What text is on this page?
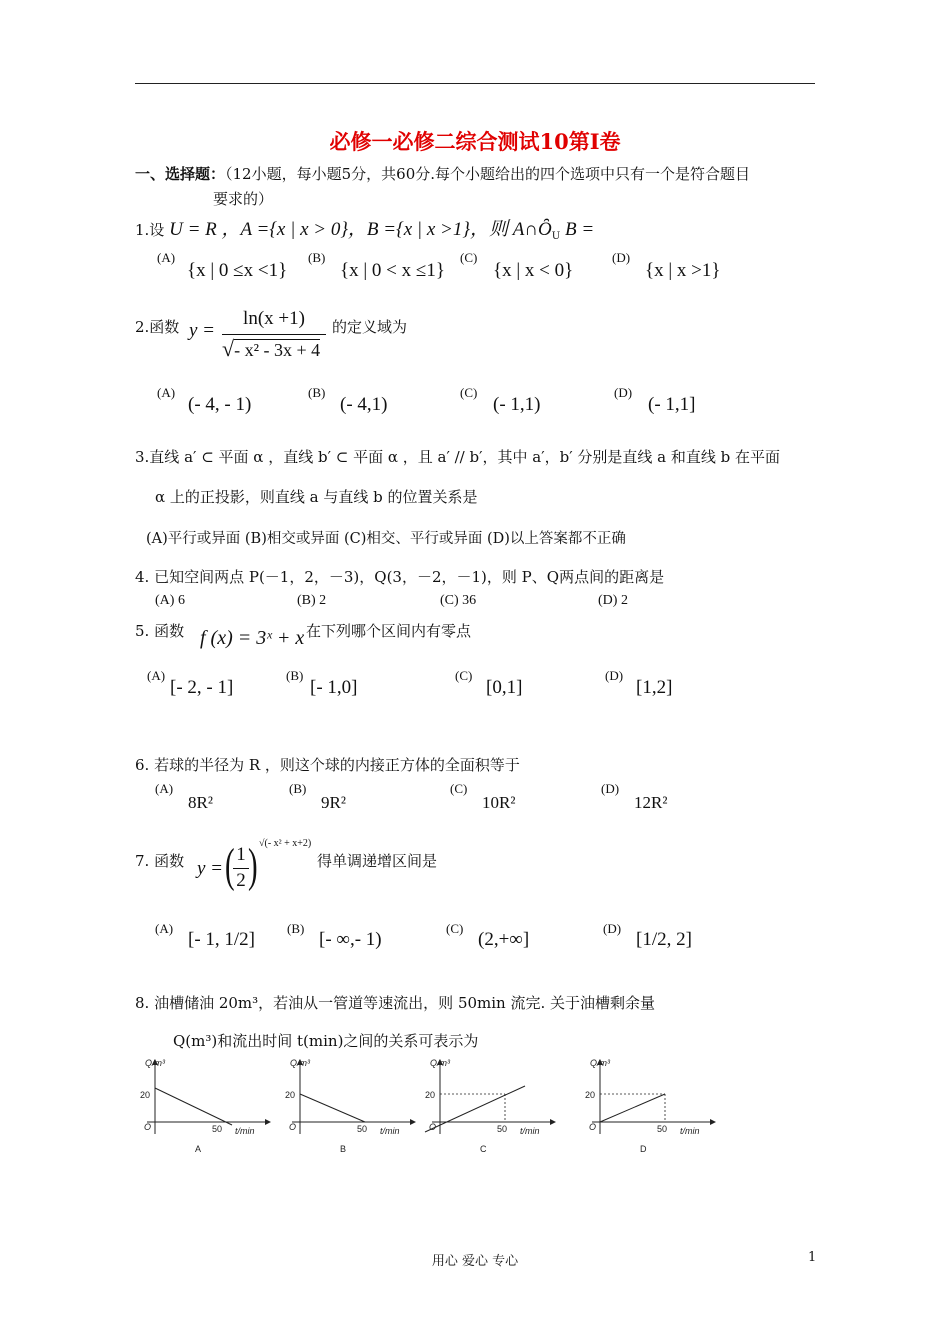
必修一必修二综合测试10第I卷
一、选择题：（12小题，每小题5分，共60分.每个小题给出的四个选项中只有一个是符合题目
要求的）
1.设 U = R ，A ={x | x > 0}，B ={x | x >1}，则 $A\cap Ȏ_U$ B =
(A)
{x | 0 ≤x <1}
(B)
{x | 0 < x ≤1}
(C)
{x | x < 0}
(D)
{x | x >1}
2.函数 y =
ln(x +1)
√- x² - 3x + 4
的定义域为
(A)
(- 4, - 1)
(B)
(- 4,1)
(C)
(- 1,1)
(D)
(- 1,1]
3.直线 a′ ⊂ 平面 α ，直线 b′ ⊂ 平面 α ，且 a′ // b′，其中 a′，b′ 分别是直线 a 和直线 b 在平面
α 上的正投影，则直线 a 与直线 b 的位置关系是
(A)平行或异面 (B)相交或异面 (C)相交、平行或异面 (D)以上答案都不正确
4. 已知空间两点 P(－1，2，－3)，Q(3，－2，－1)，则 P、Q两点间的距离是
(A) 6	(B) 2	(C) 36	(D) 2
5. 函数 f (x) = 3ˣ + x 在下列哪个区间内有零点
(A)
[- 2, - 1]
(B)
[- 1,0]
(C)
[0,1]
(D)
[1,2]
6. 若球的半径为 R ，则这个球的内接正方体的全面积等于
(A)
8R²
(B)
9R²
(C)
10R²
(D)
12R²
7. 函数 y = ( 1
2 ) √(- x² + x+2)
得单调递增区间是
(A)
[- 1, 1/2]
(B)
[- ∞,- 1)
(C)
(2,+∞]
(D)
[1/2, 2]
8. 油槽储油 20m³，若油从一管道等速流出，则 50min 流完. 关于油槽剩余量
Q(m³)和流出时间 t(min)之间的关系可表示为
Q/m³
20
O	50 t/min
A
Q/m³
20
O	50 t/min
B
Q/m³
20
O	50 t/min
C
Q/m³
20
O	50 t/min
D
用心 爱心 专心	1
